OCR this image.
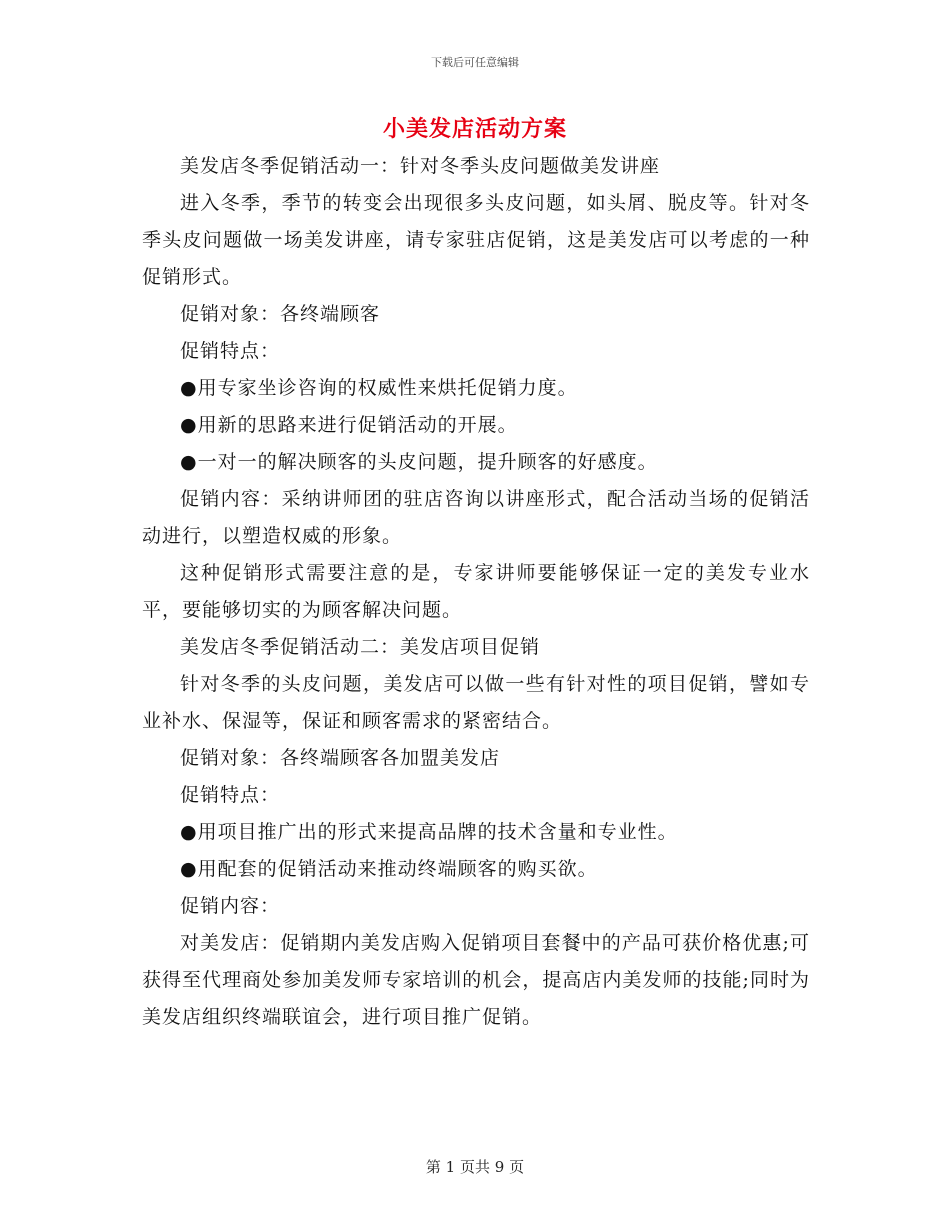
下载后可任意编辑
小美发店活动方案

美发店冬季促销活动一：针对冬季头皮问题做美发讲座

进入冬季，季节的转变会出现很多头皮问题，如头屑、脱皮等。针对冬季头皮问题做一场美发讲座，请专家驻店促销，这是美发店可以考虑的一种促销形式。

促销对象：各终端顾客

促销特点：

●用专家坐诊咨询的权威性来烘托促销力度。

●用新的思路来进行促销活动的开展。

●一对一的解决顾客的头皮问题，提升顾客的好感度。

促销内容：采纳讲师团的驻店咨询以讲座形式，配合活动当场的促销活动进行，以塑造权威的形象。

这种促销形式需要注意的是，专家讲师要能够保证一定的美发专业水平，要能够切实的为顾客解决问题。

美发店冬季促销活动二：美发店项目促销

针对冬季的头皮问题，美发店可以做一些有针对性的项目促销，譬如专业补水、保湿等，保证和顾客需求的紧密结合。

促销对象：各终端顾客各加盟美发店

促销特点：

●用项目推广出的形式来提高品牌的技术含量和专业性。

●用配套的促销活动来推动终端顾客的购买欲。

促销内容：

对美发店：促销期内美发店购入促销项目套餐中的产品可获价格优惠;可获得至代理商处参加美发师专家培训的机会，提高店内美发师的技能;同时为美发店组织终端联谊会，进行项目推广促销。

第 1 页共 9 页
